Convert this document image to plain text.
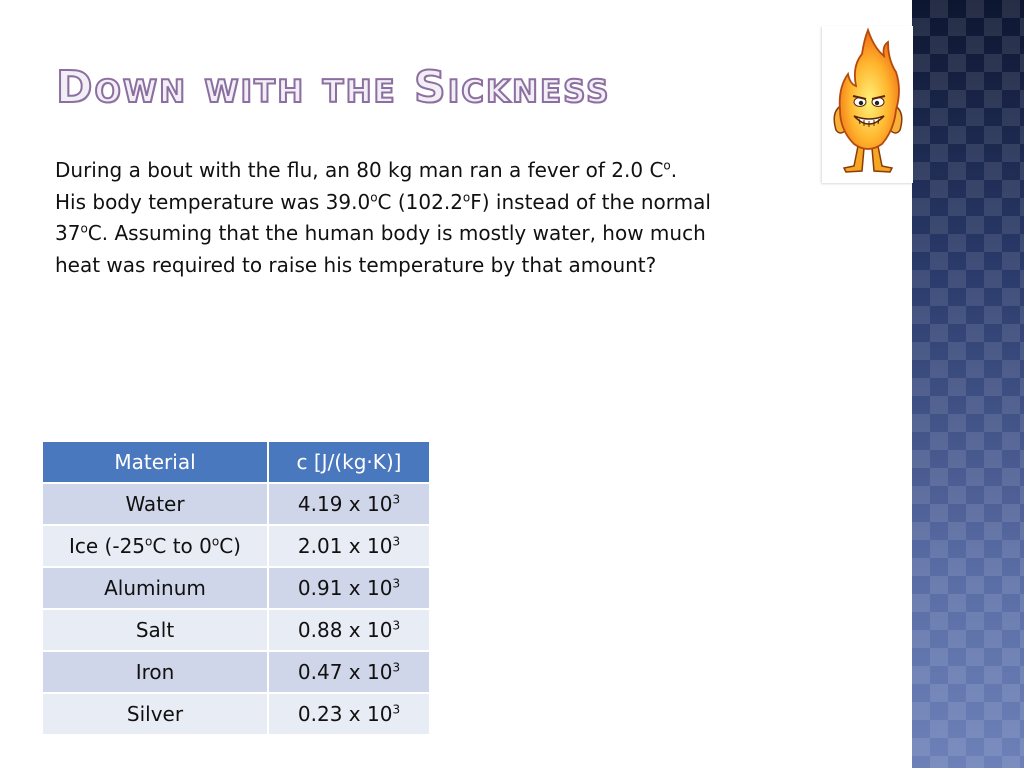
Down with the Sickness

During a bout with the flu, an 80 kg man ran a fever of 2.0 $C^o$.
His body temperature was 39.0$^o$C (102.2$^o$F) instead of the normal
37$^o$C. Assuming that the human body is mostly water, how much
heat was required to raise his temperature by that amount?

Material	c [J/(kg·K)]
Water	4.19 x $10^3$
Ice (-25$^o$C to 0$^o$C)	2.01 x $10^3$
Aluminum	0.91 x $10^3$
Salt	0.88 x $10^3$
Iron	0.47 x $10^3$
Silver	0.23 x $10^3$
